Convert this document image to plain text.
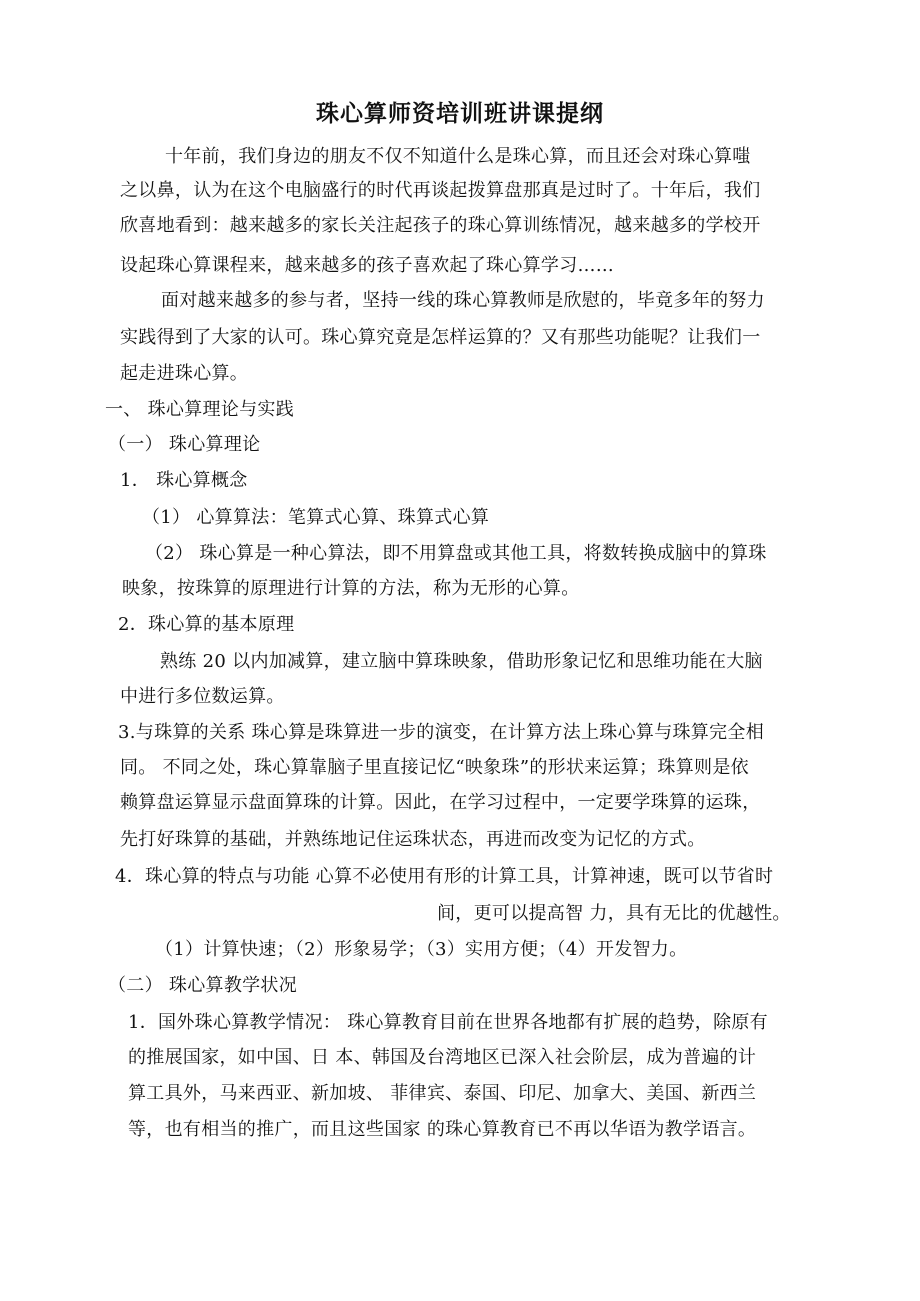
珠心算师资培训班讲课提纲
十年前，我们身边的朋友不仅不知道什么是珠心算，而且还会对珠心算嗤
之以鼻，认为在这个电脑盛行的时代再谈起拨算盘那真是过时了。十年后，我们
欣喜地看到：越来越多的家长关注起孩子的珠心算训练情况，越来越多的学校开
设起珠心算课程来，越来越多的孩子喜欢起了珠心算学习……
面对越来越多的参与者，坚持一线的珠心算教师是欣慰的，毕竟多年的努力
实践得到了大家的认可。珠心算究竟是怎样运算的？又有那些功能呢？让我们一
起走进珠心算。
一、 珠心算理论与实践
（一） 珠心算理论
1． 珠心算概念
（1） 心算算法：笔算式心算、珠算式心算
（2） 珠心算是一种心算法，即不用算盘或其他工具，将数转换成脑中的算珠
映象，按珠算的原理进行计算的方法，称为无形的心算。
2．珠心算的基本原理
熟练 20 以内加减算，建立脑中算珠映象，借助形象记忆和思维功能在大脑
中进行多位数运算。
3.与珠算的关系 珠心算是珠算进一步的演变，在计算方法上珠心算与珠算完全相
同。 不同之处，珠心算靠脑子里直接记忆“映象珠”的形状来运算；珠算则是依
赖算盘运算显示盘面算珠的计算。因此，在学习过程中，一定要学珠算的运珠，
先打好珠算的基础，并熟练地记住运珠状态，再进而改变为记忆的方式。
4．珠心算的特点与功能 心算不必使用有形的计算工具，计算神速，既可以节省时
间，更可以提高智 力，具有无比的优越性。
（1）计算快速；（2）形象易学；（3）实用方便；（4）开发智力。
（二） 珠心算教学状况
1．国外珠心算教学情况： 珠心算教育目前在世界各地都有扩展的趋势，除原有
的推展国家，如中国、日 本、韩国及台湾地区已深入社会阶层，成为普遍的计
算工具外，马来西亚、新加坡、 菲律宾、泰国、印尼、加拿大、美国、新西兰
等，也有相当的推广，而且这些国家 的珠心算教育已不再以华语为教学语言。
